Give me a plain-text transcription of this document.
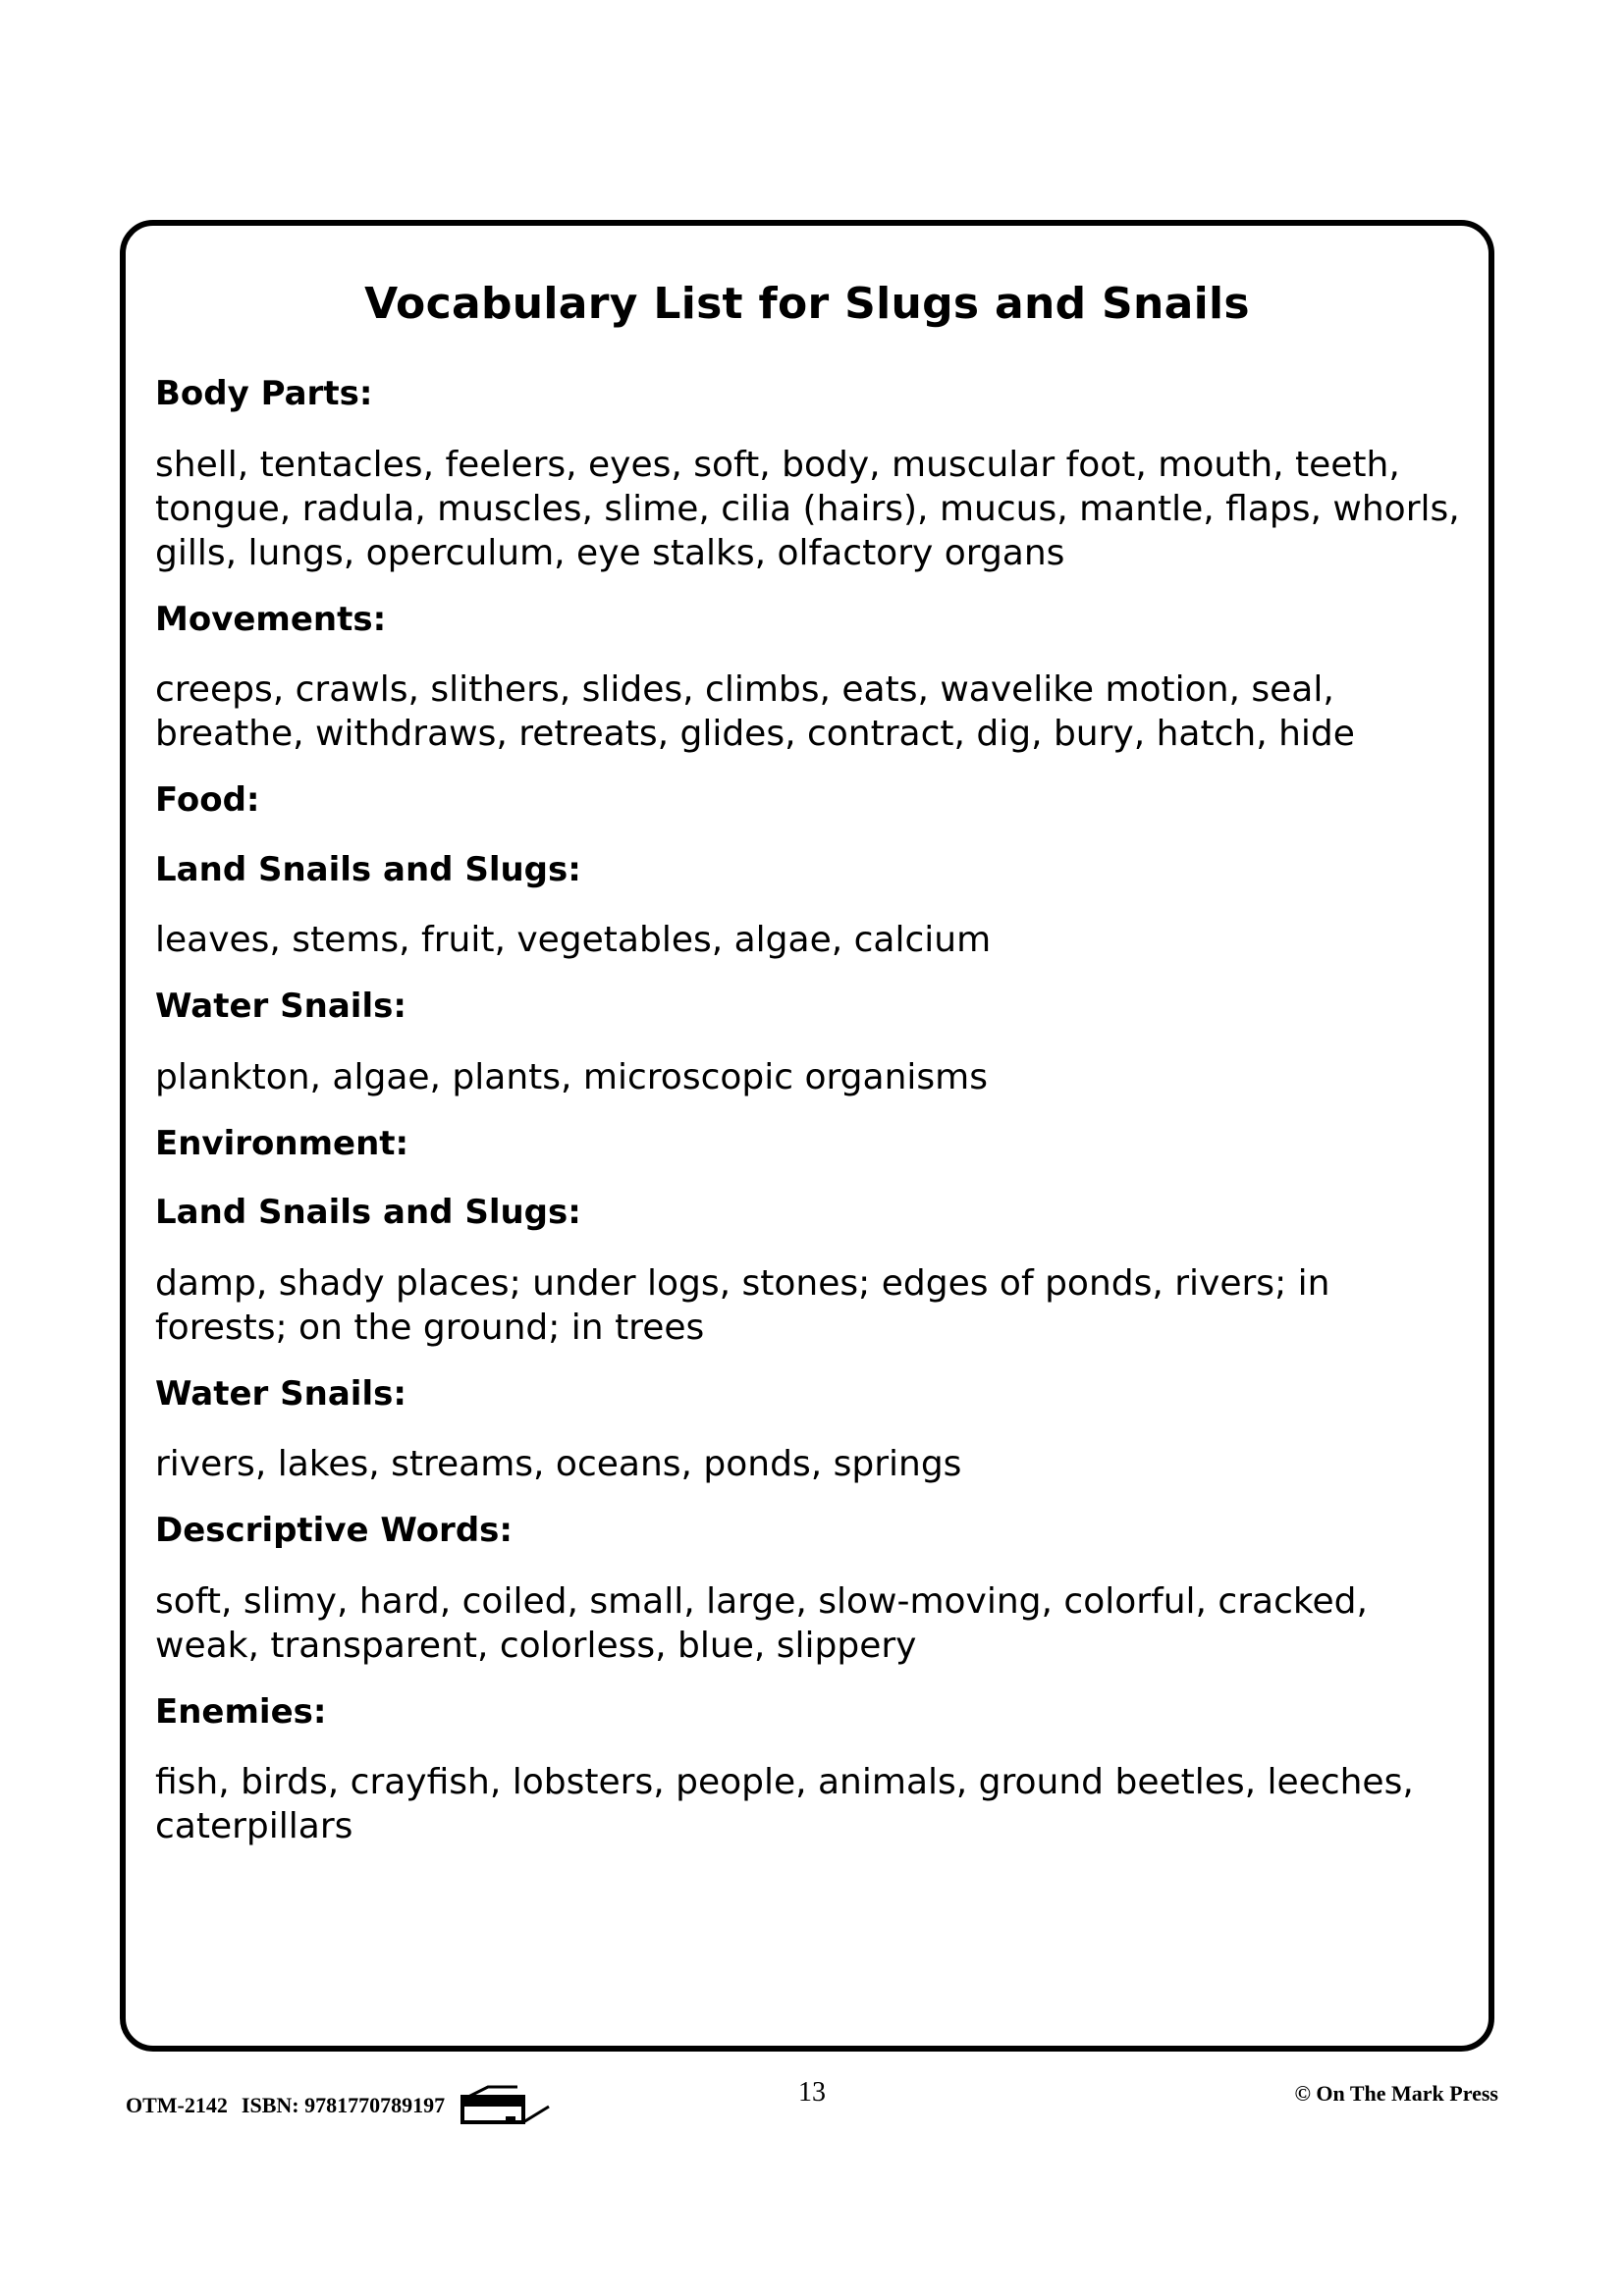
Vocabulary List for Slugs and Snails
Body Parts:
shell, tentacles, feelers, eyes, soft, body, muscular foot, mouth, teeth, tongue, radula, muscles, slime, cilia (hairs), mucus, mantle, flaps, whorls, gills, lungs, operculum, eye stalks, olfactory organs
Movements:
creeps, crawls, slithers, slides, climbs, eats, wavelike motion, seal, breathe, withdraws, retreats, glides, contract, dig, bury, hatch, hide
Food:
Land Snails and Slugs:
leaves, stems, fruit, vegetables, algae, calcium
Water Snails:
plankton, algae, plants, microscopic organisms
Environment:
Land Snails and Slugs:
damp, shady places; under logs, stones; edges of ponds, rivers; in forests; on the ground; in trees
Water Snails:
rivers, lakes, streams, oceans, ponds, springs
Descriptive Words:
soft, slimy, hard, coiled, small, large, slow-moving, colorful, cracked, weak, transparent, colorless, blue, slippery
Enemies:
fish, birds, crayfish, lobsters, people, animals, ground beetles, leeches, caterpillars
OTM-2142 ISBN: 9781770789197	13	© On The Mark Press
